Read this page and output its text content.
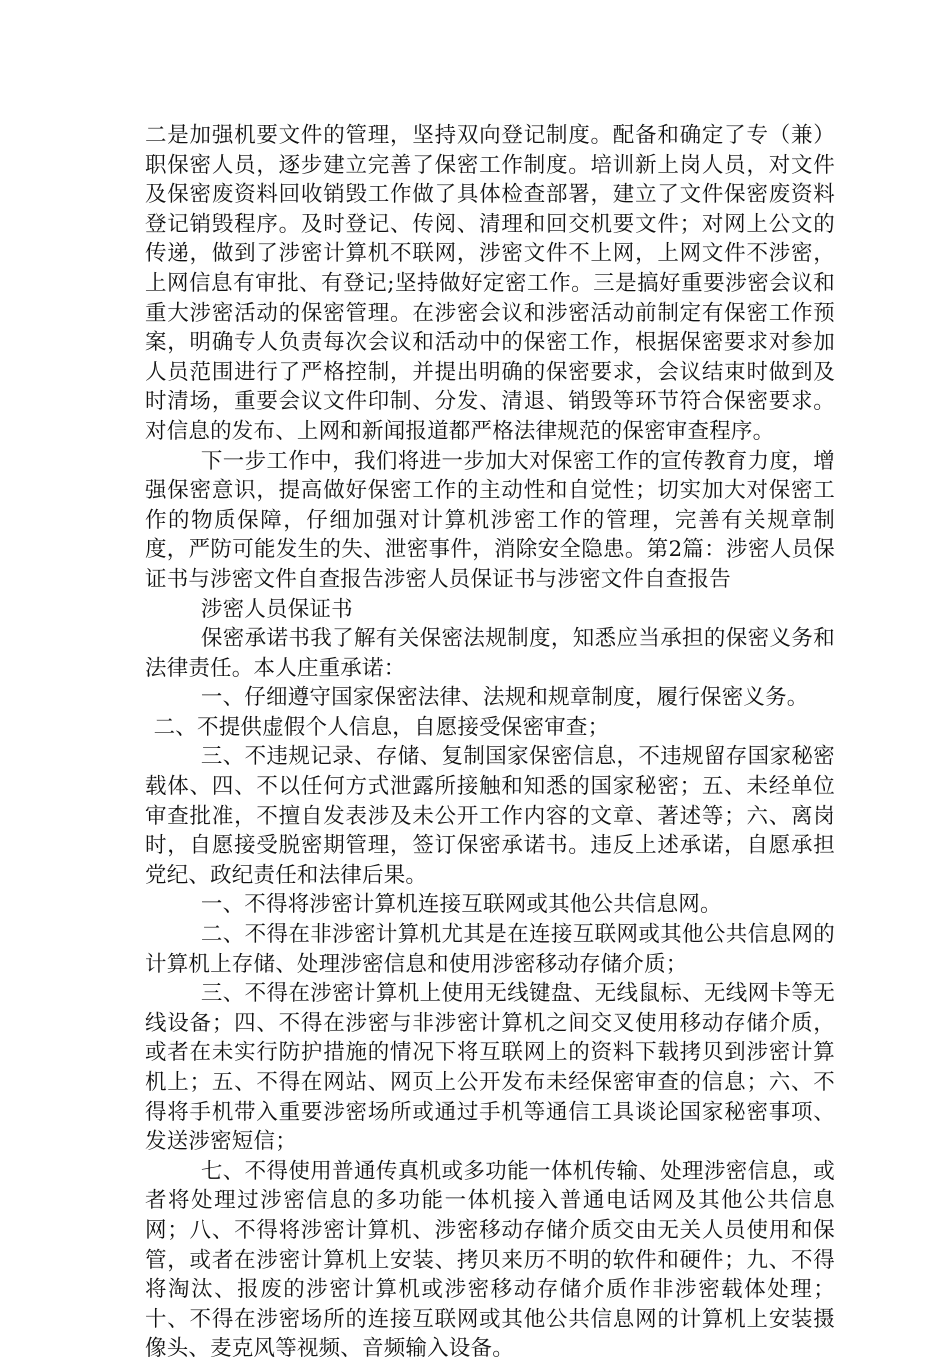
二是加强机要文件的管理，坚持双向登记制度。配备和确定了专（兼）职保密人员，逐步建立完善了保密工作制度。培训新上岗人员，对文件及保密废资料回收销毁工作做了具体检查部署，建立了文件保密废资料登记销毁程序。及时登记、传阅、清理和回交机要文件；对网上公文的传递，做到了涉密计算机不联网，涉密文件不上网，上网文件不涉密，上网信息有审批、有登记;坚持做好定密工作。三是搞好重要涉密会议和重大涉密活动的保密管理。在涉密会议和涉密活动前制定有保密工作预案，明确专人负责每次会议和活动中的保密工作，根据保密要求对参加人员范围进行了严格控制，并提出明确的保密要求，会议结束时做到及时清场，重要会议文件印制、分发、清退、销毁等环节符合保密要求。对信息的发布、上网和新闻报道都严格法律规范的保密审查程序。

下一步工作中，我们将进一步加大对保密工作的宣传教育力度，增强保密意识，提高做好保密工作的主动性和自觉性；切实加大对保密工作的物质保障，仔细加强对计算机涉密工作的管理，完善有关规章制度，严防可能发生的失、泄密事件，消除安全隐患。第2篇：涉密人员保证书与涉密文件自查报告涉密人员保证书与涉密文件自查报告

涉密人员保证书

保密承诺书我了解有关保密法规制度，知悉应当承担的保密义务和法律责任。本人庄重承诺：

一、仔细遵守国家保密法律、法规和规章制度，履行保密义务。

二、不提供虚假个人信息，自愿接受保密审查；

三、不违规记录、存储、复制国家保密信息，不违规留存国家秘密载体、四、不以任何方式泄露所接触和知悉的国家秘密；五、未经单位审查批准，不擅自发表涉及未公开工作内容的文章、著述等；六、离岗时，自愿接受脱密期管理，签订保密承诺书。违反上述承诺，自愿承担党纪、政纪责任和法律后果。

一、不得将涉密计算机连接互联网或其他公共信息网。

二、不得在非涉密计算机尤其是在连接互联网或其他公共信息网的计算机上存储、处理涉密信息和使用涉密移动存储介质；

三、不得在涉密计算机上使用无线键盘、无线鼠标、无线网卡等无线设备；四、不得在涉密与非涉密计算机之间交叉使用移动存储介质，或者在未实行防护措施的情况下将互联网上的资料下载拷贝到涉密计算机上；五、不得在网站、网页上公开发布未经保密审查的信息；六、不得将手机带入重要涉密场所或通过手机等通信工具谈论国家秘密事项、发送涉密短信；

七、不得使用普通传真机或多功能一体机传输、处理涉密信息，或者将处理过涉密信息的多功能一体机接入普通电话网及其他公共信息网；八、不得将涉密计算机、涉密移动存储介质交由无关人员使用和保管，或者在涉密计算机上安装、拷贝来历不明的软件和硬件；九、不得将淘汰、报废的涉密计算机或涉密移动存储介质作非涉密载体处理；十、不得在涉密场所的连接互联网或其他公共信息网的计算机上安装摄像头、麦克风等视频、音频输入设备。
